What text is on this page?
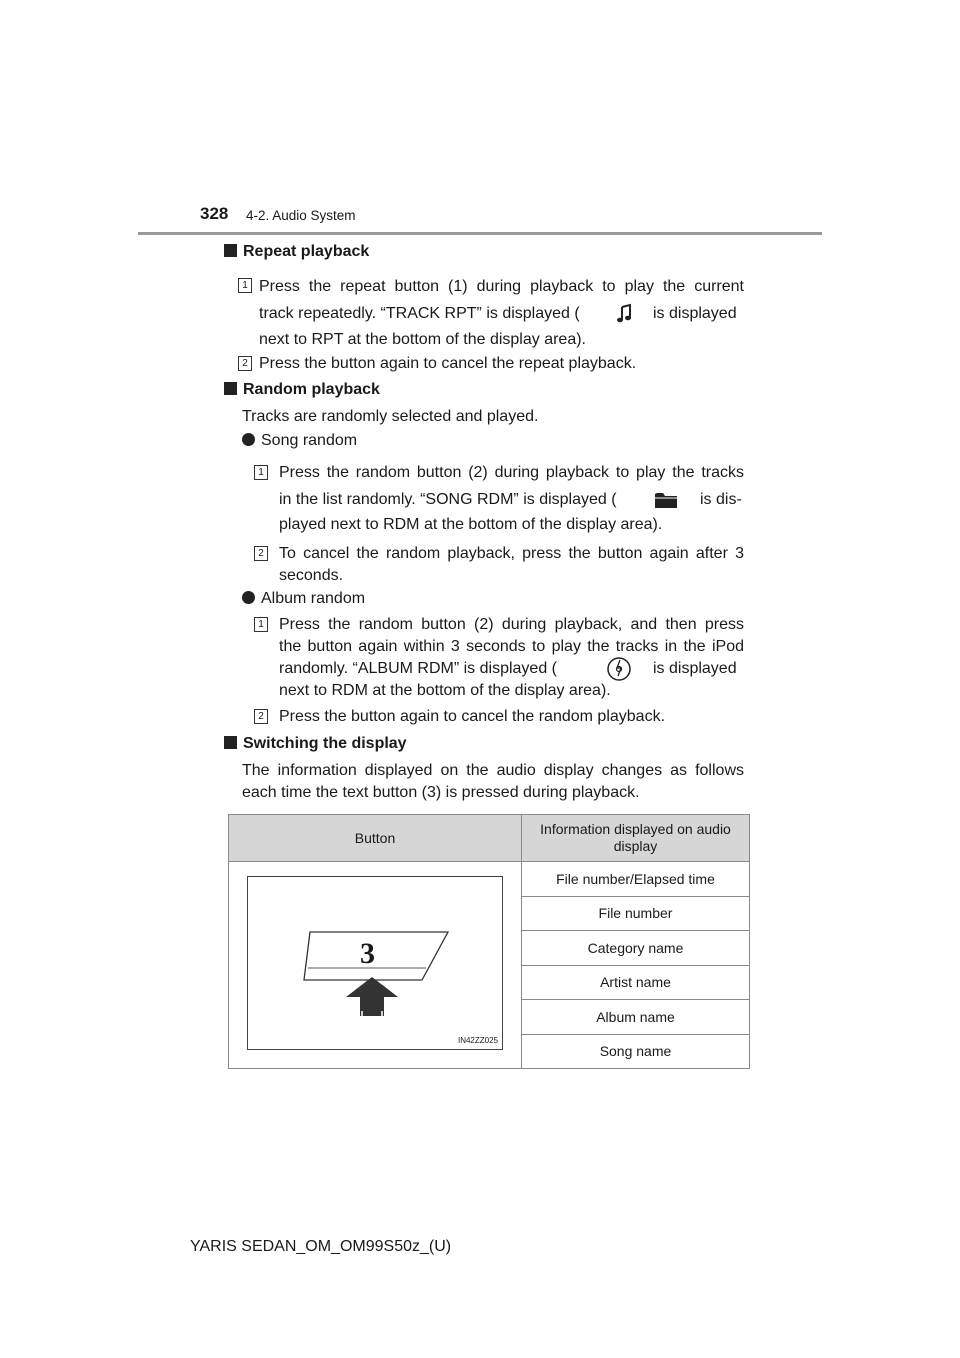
328 4-2. Audio System
Repeat playback
1 Press the repeat button (1) during playback to play the current
track repeatedly. “TRACK RPT” is displayed (	is displayed
next to RPT at the bottom of the display area).
2 Press the button again to cancel the repeat playback.
Random playback
Tracks are randomly selected and played.
Song random
1 Press the random button (2) during playback to play the tracks
in the list randomly. “SONG RDM” is displayed (	is dis-
played next to RDM at the bottom of the display area).
2 To cancel the random playback, press the button again after 3
seconds.
Album random
1 Press the random button (2) during playback, and then press
the button again within 3 seconds to play the tracks in the iPod
randomly. “ALBUM RDM” is displayed (	is displayed
next to RDM at the bottom of the display area).
2 Press the button again to cancel the random playback.
Switching the display
The information displayed on the audio display changes as follows
each time the text button (3) is pressed during playback.
Button	Information displayed on audio
display

3
IN42ZZ025	File number/Elapsed time
	File number
	Category name
	Artist name
	Album name
	Song name
YARIS SEDAN_OM_OM99S50z_(U)
